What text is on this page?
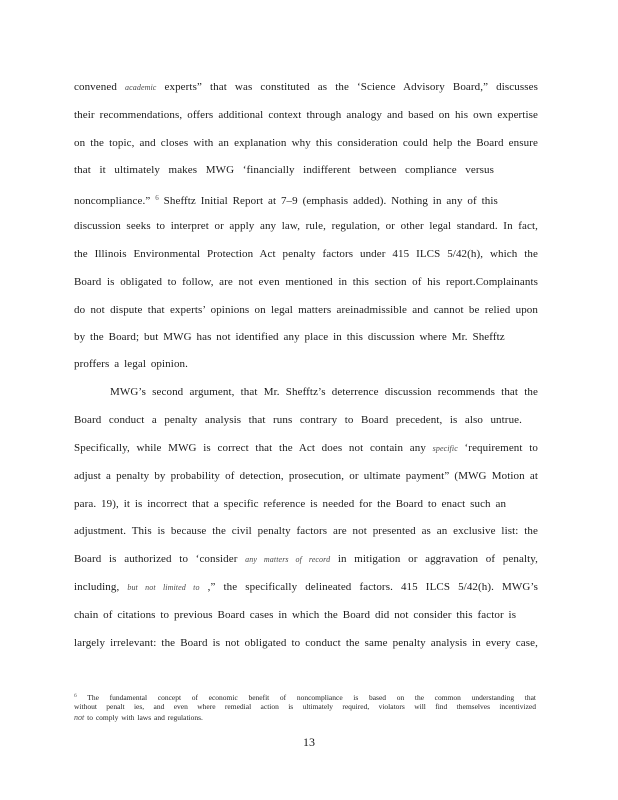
convened academic experts” that was constituted as the ‘Science Advisory Board,” discusses
their recommendations, offers additional context through analogy and based on his own expertise
on the topic, and closes with an explanation why this consideration could help the Board ensure
that it ultimately makes MWG ‘financially indifferent between compliance versus
noncompliance.” $^6$ Shefftz Initial Report at 7–9 (emphasis added). Nothing in any of this
discussion seeks to interpret or apply any law, rule, regulation, or other legal standard. In fact,
the Illinois Environmental Protection Act penalty factors under 415 ILCS 5/42(h), which the
Board is obligated to follow, are not even mentioned in this section of his report.Complainants
do not dispute that experts’ opinions on legal matters areinadmissible and cannot be relied upon
by the Board; but MWG has not identified any place in this discussion where Mr. Shefftz
proffers a legal opinion.
MWG’s second argument, that Mr. Shefftz’s deterrence discussion recommends that the
Board conduct a penalty analysis that runs contrary to Board precedent, is also untrue.
Specifically, while MWG is correct that the Act does not contain any specific ‘requirement to
adjust a penalty by probability of detection, prosecution, or ultimate payment” (MWG Motion at
para. 19), it is incorrect that a specific reference is needed for the Board to enact such an
adjustment. This is because the civil penalty factors are not presented as an exclusive list: the
Board is authorized to ‘consider any matters of record in mitigation or aggravation of penalty,
including, but not limited to ,” the specifically delineated factors. 415 ILCS 5/42(h). MWG’s
chain of citations to previous Board cases in which the Board did not consider this factor is
largely irrelevant: the Board is not obligated to conduct the same penalty analysis in every case,
$^6$ The fundamental concept of economic benefit of noncompliance is based on the common understanding that
without penalt ies, and even where remedial action is ultimately required, violators will find themselves incentivized
not to comply with laws and regulations.
13
